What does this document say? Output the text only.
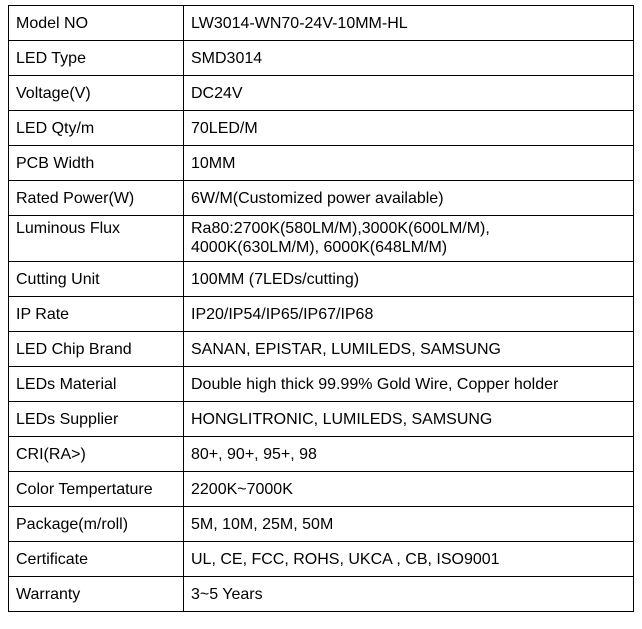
Model NO	LW3014-WN70-24V-10MM-HL
LED Type	SMD3014
Voltage(V)	DC24V
LED Qty/m	70LED/M
PCB Width	10MM
Rated Power(W)	6W/M(Customized power available)
Luminous Flux	Ra80:2700K(580LM/M),3000K(600LM/M),
4000K(630LM/M), 6000K(648LM/M)
Cutting Unit	100MM (7LEDs/cutting)
IP Rate	IP20/IP54/IP65/IP67/IP68
LED Chip Brand	SANAN, EPISTAR, LUMILEDS, SAMSUNG
LEDs Material	Double high thick 99.99% Gold Wire, Copper holder
LEDs Supplier	HONGLITRONIC, LUMILEDS, SAMSUNG
CRI(RA>)	80+, 90+, 95+, 98
Color Tempertature	2200K~7000K
Package(m/roll)	5M, 10M, 25M, 50M
Certificate	UL, CE, FCC, ROHS, UKCA , CB, ISO9001
Warranty	3~5 Years
